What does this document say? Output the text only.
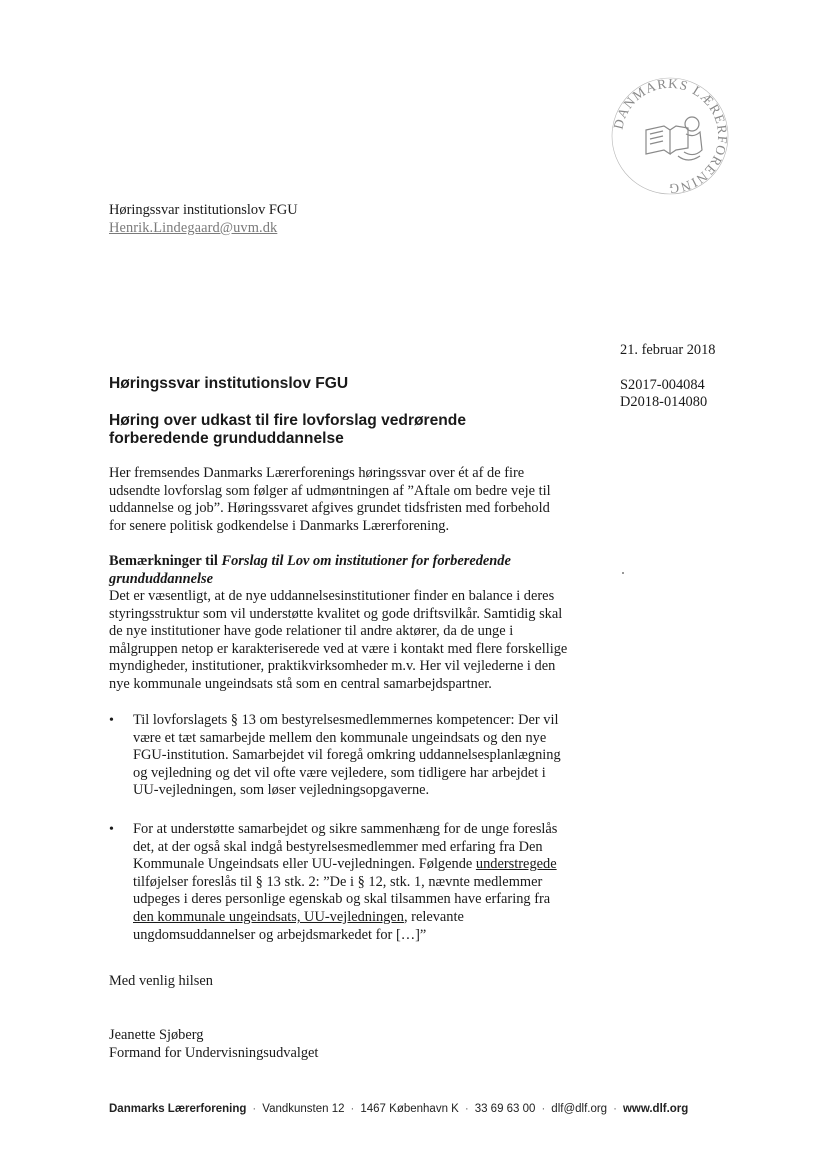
DANMARKS LÆRERFORENING
Høringssvar institutionslov FGU
Henrik.Lindegaard@uvm.dk
21. februar 2018
S2017-004084
D2018-014080
Høringssvar institutionslov FGU
Høring over udkast til fire lovforslag vedrørende forberedende grunduddannelse
Her fremsendes Danmarks Lærerforenings høringssvar over ét af de fire
udsendte lovforslag som følger af udmøntningen af ”Aftale om bedre veje til
uddannelse og job”. Høringssvaret afgives grundet tidsfristen med forbehold
for senere politisk godkendelse i Danmarks Lærerforening.
Bemærkninger til Forslag til Lov om institutioner for forberedende
grunduddannelse
Det er væsentligt, at de nye uddannelsesinstitutioner finder en balance i deres
styringsstruktur som vil understøtte kvalitet og gode driftsvilkår. Samtidig skal
de nye institutioner have gode relationer til andre aktører, da de unge i
målgruppen netop er karakteriserede ved at være i kontakt med flere forskellige
myndigheder, institutioner, praktikvirksomheder m.v. Her vil vejlederne i den
nye kommunale ungeindsats stå som en central samarbejdspartner.
• Til lovforslagets § 13 om bestyrelsesmedlemmernes kompetencer: Der vil
være et tæt samarbejde mellem den kommunale ungeindsats og den nye
FGU-institution. Samarbejdet vil foregå omkring uddannelsesplanlægning
og vejledning og det vil ofte være vejledere, som tidligere har arbejdet i
UU-vejledningen, som løser vejledningsopgaverne.
• For at understøtte samarbejdet og sikre sammenhæng for de unge foreslås
det, at der også skal indgå bestyrelsesmedlemmer med erfaring fra Den
Kommunale Ungeindsats eller UU-vejledningen. Følgende understregede
tilføjelser foreslås til § 13 stk. 2: ”De i § 12, stk. 1, nævnte medlemmer
udpeges i deres personlige egenskab og skal tilsammen have erfaring fra
den kommunale ungeindsats, UU-vejledningen, relevante
ungdomsuddannelser og arbejdsmarkedet for […]”
Med venlig hilsen
Jeanette Sjøberg
Formand for Undervisningsudvalget
Danmarks Lærerforening · Vandkunsten 12 · 1467 København K · 33 69 63 00 · dlf@dlf.org · www.dlf.org
